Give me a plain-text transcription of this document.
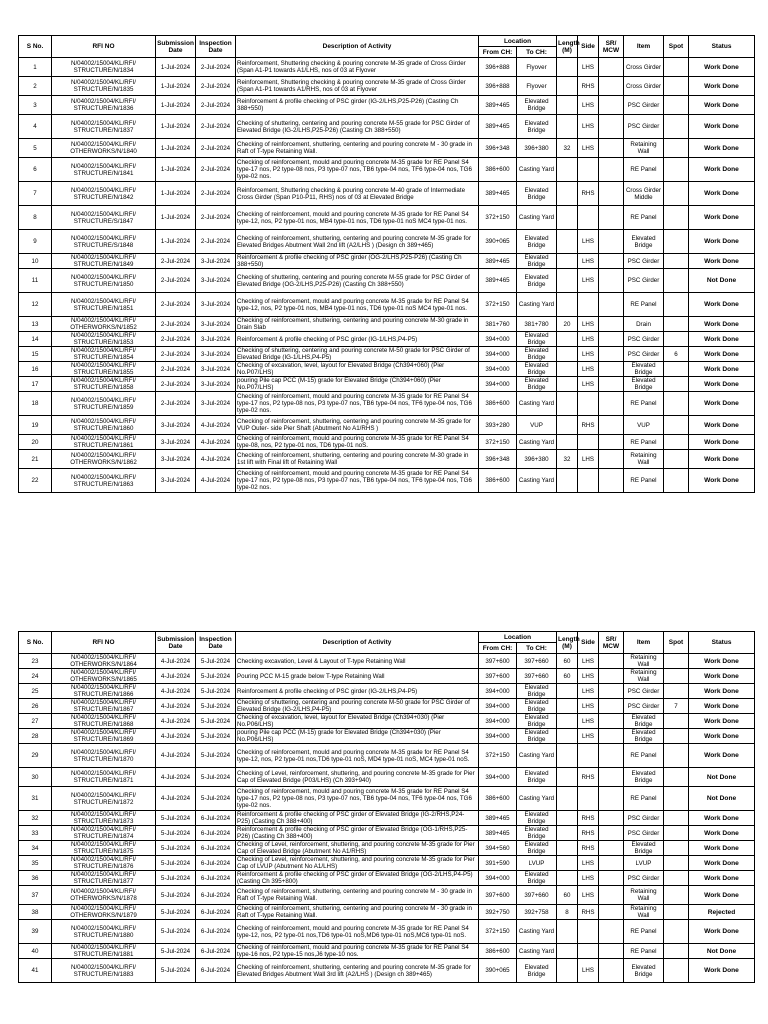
S No.	RFI NO	Submission Date	Inspection Date	Description of Activity	Location		Length (M)	Side	SR/ MCW	Item	Spot	Status
					From CH:	To CH:						
1	N/04002/15004/KL/RFI/ STRUCTURE/N/1834	1-Jul-2024	2-Jul-2024	Reinforcement, Shuttering checking & pouring concrete M-35 grade of Cross Girder (Span A1-P1 towards A1/LHS, nos of 03 at Flyover	396+888	Flyover		LHS		Cross Girder		Work Done
2	N/04002/15004/KL/RFI/ STRUCTURE/N/1835	1-Jul-2024	2-Jul-2024	Reinforcement, Shuttering checking & pouring concrete M-35 grade of Cross Girder (Span A1-P1 towards A1/RHS, nos of 03 at Flyover	396+888	Flyover		RHS		Cross Girder		Work Done
3	N/04002/15004/KL/RFI/ STRUCTURE/N/1836	1-Jul-2024	2-Jul-2024	Reinforcement & profile checking of PSC girder (IG-2/LHS,P25-P26) (Casting Ch 388+550)	389+465	Elevated Bridge		LHS		PSC Girder		Work Done
4	N/04002/15004/KL/RFI/ STRUCTURE/N/1837	1-Jul-2024	2-Jul-2024	Checking of shuttering, centering and pouring concrete M-55 grade for PSC Girder of Elevated Bridge (IG-2/LHS,P25-P26) (Casting Ch 388+550)	389+465	Elevated Bridge		LHS		PSC Girder		Work Done
5	N/04002/15004/KL/RFI/ OTHERWORKS/N/1840	1-Jul-2024	2-Jul-2024	Checking of reinforcement, shuttering, centering and pouring concrete M - 30 grade in Raft of T-type Retaining Wall.	396+348	396+380	32	LHS		Retaining Wall		Work Done
6	N/04002/15004/KL/RFI/ STRUCTURE/N/1841	1-Jul-2024	2-Jul-2024	Checking of reinforcement, mould and pouring concrete M-35 grade for RE Panel S4 type-17 nos, P2 type-08 nos, P3 type-07 nos, TB6 type-04 nos, TF6 type-04 nos, TG6 type-02 nos.	386+600	Casting Yard				RE Panel		Work Done
7	N/04002/15004/KL/RFI/ STRUCTURE/N/1842	1-Jul-2024	2-Jul-2024	Reinforcement, Shuttering checking & pouring concrete M-40 grade of Intermediate Cross Girder (Span P10-P11, RHS) nos of 03 at Elevated Bridge	389+465	Elevated Bridge		RHS		Cross Girder Middle		Work Done
8	N/04002/15004/KL/RFI/ STRUCTURE/S/1847	1-Jul-2024	2-Jul-2024	Checking of reinforcement, mould and pouring concrete M-35 grade for RE Panel S4 type-12, nos, P2 type-01 nos, MB4 type-01 nos, TD6 type-01 noS MC4 type-01 nos.	372+150	Casting Yard				RE Panel		Work Done
9	N/04002/15004/KL/RFI/ STRUCTURE/S/1848	1-Jul-2024	2-Jul-2024	Checking of reinforcement, shuttering, centering and pouring concrete M-35 grade for Elevated Bridges Abutment Wall 2nd lift (A2/LHS ) (Design ch 389+465)	390+065	Elevated Bridge		LHS		Elevated Bridge		Work Done
10	N/04002/15004/KL/RFI/ STRUCTURE/N/1849	2-Jul-2024	3-Jul-2024	Reinforcement & profile checking of PSC girder (OG-2/LHS,P25-P26) (Casting Ch 388+550)	389+465	Elevated Bridge		LHS		PSC Girder		Work Done
11	N/04002/15004/KL/RFI/ STRUCTURE/N/1850	2-Jul-2024	3-Jul-2024	Checking of shuttering, centering and pouring concrete M-55 grade for PSC Girder of Elevated Bridge (OG-2/LHS,P25-P26) (Casting Ch 388+550)	389+465	Elevated Bridge		LHS		PSC Girder		Not Done
12	N/04002/15004/KL/RFI/ STRUCTURE/N/1851	2-Jul-2024	3-Jul-2024	Checking of reinforcement, mould and pouring concrete M-35 grade for RE Panel S4 type-12, nos, P2 type-01 nos, MB4 type-01 nos, TD6 type-01 noS MC4 type-01 nos.	372+150	Casting Yard				RE Panel		Work Done
13	N/04002/15004/KL/RFI/ OTHERWORKS/N/1852	2-Jul-2024	3-Jul-2024	Checking of reinforcement, shuttering, centering and pouring concrete M-30 grade in Drain Slab	381+760	381+780	20	LHS		Drain		Work Done
14	N/04002/15004/KL/RFI/ STRUCTURE/N/1853	2-Jul-2024	3-Jul-2024	Reinforcement & profile checking of PSC girder (IG-1/LHS,P4-P5)	394+000	Elevated Bridge		LHS		PSC Girder		Work Done
15	N/04002/15004/KL/RFI/ STRUCTURE/N/1854	2-Jul-2024	3-Jul-2024	Checking of shuttering, centering and pouring concrete M-50 grade for PSC Girder of Elevated Bridge (IG-1/LHS,P4-P5)	394+000	Elevated Bridge		LHS		PSC Girder	6	Work Done
16	N/04002/15004/KL/RFI/ STRUCTURE/N/1855	2-Jul-2024	3-Jul-2024	Checking of excavation, level, layout for Elevated Bridge (Ch394+060) (Pier No.P07/LHS)	394+000	Elevated Bridge		LHS		Elevated Bridge		Work Done
17	N/04002/15004/KL/RFI/ STRUCTURE/N/1858	2-Jul-2024	3-Jul-2024	pouring Pile cap PCC (M-15) grade for Elevated Bridge (Ch394+060) (Pier No.P07/LHS)	394+000	Elevated Bridge		LHS		Elevated Bridge		Work Done
18	N/04002/15004/KL/RFI/ STRUCTURE/N/1859	2-Jul-2024	3-Jul-2024	Checking of reinforcement, mould and pouring concrete M-35 grade for RE Panel S4 type-17 nos, P2 type-08 nos, P3 type-07 nos, TB6 type-04 nos, TF6 type-04 nos, TG6 type-02 nos.	386+600	Casting Yard				RE Panel		Work Done
19	N/04002/15004/KL/RFI/ STRUCTURE/N/1860	3-Jul-2024	4-Jul-2024	Checking of reinforcement, shuttering, centering and pouring concrete M-35 grade for VUP Outer- side Pier Shaft (Abutment No A1/RHS )	393+280	VUP		RHS		VUP		Work Done
20	N/04002/15004/KL/RFI/ STRUCTURE/N/1861	3-Jul-2024	4-Jul-2024	Checking of reinforcement, mould and pouring concrete M-35 grade for RE Panel S4 type-08, nos, P2 type-01 nos, TD6 type-01 noS.	372+150	Casting Yard				RE Panel		Work Done
21	N/04002/15004/KL/RFI/ OTHERWORKS/N/1862	3-Jul-2024	4-Jul-2024	Checking of reinforcement, shuttering, centering and pouring concrete M-30 grade in 1st lift with Final lift of Retaining Wall	396+348	396+380	32	LHS		Retaining Wall		Work Done
22	N/04002/15004/KL/RFI/ STRUCTURE/N/1863	3-Jul-2024	4-Jul-2024	Checking of reinforcement, mould and pouring concrete M-35 grade for RE Panel S4 type-17 nos, P2 type-08 nos, P3 type-07 nos, TB6 type-04 nos, TF6 type-04 nos, TG6 type-02 nos.	386+600	Casting Yard				RE Panel		Work Done
S No.	RFI NO	Submission Date	Inspection Date	Description of Activity	Location		Length (M)	Side	SR/ MCW	Item	Spot	Status
					From CH:	To CH:						
23	N/04002/15004/KL/RFI/ OTHERWORKS/N/1864	4-Jul-2024	5-Jul-2024	Checking excavation, Level & Layout of T-type Retaining Wall	397+600	397+660	60	LHS		Retaining Wall		Work Done
24	N/04002/15004/KL/RFI/ OTHERWORKS/N/1865	4-Jul-2024	5-Jul-2024	Pouring PCC M-15 grade below T-type Retaining Wall	397+600	397+660	60	LHS		Retaining Wall		Work Done
25	N/04002/15004/KL/RFI/ STRUCTURE/N/1866	4-Jul-2024	5-Jul-2024	Reinforcement & profile checking of PSC girder (IG-2/LHS,P4-P5)	394+000	Elevated Bridge		LHS		PSC Girder		Work Done
26	N/04002/15004/KL/RFI/ STRUCTURE/N/1867	4-Jul-2024	5-Jul-2024	Checking of shuttering, centering and pouring concrete M-50 grade for PSC Girder of Elevated Bridge (IG-2/LHS,P4-P5)	394+000	Elevated Bridge		LHS		PSC Girder	7	Work Done
27	N/04002/15004/KL/RFI/ STRUCTURE/N/1868	4-Jul-2024	5-Jul-2024	Checking of excavation, level, layout for Elevated Bridge (Ch394+030) (Pier No.P06/LHS)	394+000	Elevated Bridge		LHS		Elevated Bridge		Work Done
28	N/04002/15004/KL/RFI/ STRUCTURE/N/1869	4-Jul-2024	5-Jul-2024	pouring Pile cap PCC (M-15) grade for Elevated Bridge (Ch394+030) (Pier No.P06/LHS)	394+000	Elevated Bridge		LHS		Elevated Bridge		Work Done
29	N/04002/15004/KL/RFI/ STRUCTURE/N/1870	4-Jul-2024	5-Jul-2024	Checking of reinforcement, mould and pouring concrete M-35 grade for RE Panel S4 type-12, nos, P2 type-01 nos,TD6 type-01 noS, MD4 type-01 noS, MC4 type-01 noS.	372+150	Casting Yard				RE Panel		Work Done
30	N/04002/15004/KL/RFI/ STRUCTURE/N/1871	4-Jul-2024	5-Jul-2024	Checking of Level, reinforcement, shuttering, and pouring concrete M-35 grade for Pier Cap of Elevated Bridge (P03/LHS) (Ch 393+940)	394+000	Elevated Bridge		RHS		Elevated Bridge		Not Done
31	N/04002/15004/KL/RFI/ STRUCTURE/N/1872	4-Jul-2024	5-Jul-2024	Checking of reinforcement, mould and pouring concrete M-35 grade for RE Panel S4 type-17 nos, P2 type-08 nos, P3 type-07 nos, TB6 type-04 nos, TF6 type-04 nos, TG6 type-02 nos.	386+600	Casting Yard				RE Panel		Not Done
32	N/04002/15004/KL/RFI/ STRUCTURE/N/1873	5-Jul-2024	6-Jul-2024	Reinforcement & profile checking of PSC girder of Elevated Bridge (IG-2/RHS,P24-P25) (Casting Ch 388+400)	389+465	Elevated Bridge		RHS		PSC Girder		Work Done
33	N/04002/15004/KL/RFI/ STRUCTURE/N/1874	5-Jul-2024	6-Jul-2024	Reinforcement & profile checking of PSC girder of Elevated Bridge (OG-1/RHS,P25-P26) (Casting Ch 388+400)	389+465	Elevated Bridge		RHS		PSC Girder		Work Done
34	N/04002/15004/KL/RFI/ STRUCTURE/N/1875	5-Jul-2024	6-Jul-2024	Checking of Level, reinforcement, shuttering, and pouring concrete M-35 grade for Pier Cap of Elevated Bridge (Abutment No A1/RHS)	394+560	Elevated Bridge		RHS		Elevated Bridge		Work Done
35	N/04002/15004/KL/RFI/ STRUCTURE/N/1876	5-Jul-2024	6-Jul-2024	Checking of Level, reinforcement, shuttering, and pouring concrete M-35 grade for Pier Cap of LVUP (Abutment No A1/LHS)	391+590	LVUP		LHS		LVUP		Work Done
36	N/04002/15004/KL/RFI/ STRUCTURE/N/1877	5-Jul-2024	6-Jul-2024	Reinforcement & profile checking of PSC girder of Elevated Bridge (OG-2/LHS,P4-P5) (Casting Ch 395+800)	394+000	Elevated Bridge		LHS		PSC Girder		Work Done
37	N/04002/15004/KL/RFI/ OTHERWORKS/N/1878	5-Jul-2024	6-Jul-2024	Checking of reinforcement, shuttering, centering and pouring concrete M - 30 grade in Raft of T-type Retaining Wall.	397+600	397+660	60	LHS		Retaining Wall		Work Done
38	N/04002/15004/KL/RFI/ OTHERWORKS/N/1879	5-Jul-2024	6-Jul-2024	Checking of reinforcement, shuttering, centering and pouring concrete M - 30 grade in Raft of T-type Retaining Wall.	392+750	392+758	8	RHS		Retaining Wall		Rejected
39	N/04002/15004/KL/RFI/ STRUCTURE/N/1880	5-Jul-2024	6-Jul-2024	Checking of reinforcement, mould and pouring concrete M-35 grade for RE Panel S4 type-12, nos, P2 type-01 nos,TD6 type-01 noS,MD6 type-01 noS,MC6 type-01 noS.	372+150	Casting Yard				RE Panel		Work Done
40	N/04002/15004/KL/RFI/ STRUCTURE/N/1881	5-Jul-2024	6-Jul-2024	Checking of reinforcement, mould and pouring concrete M-35 grade for RE Panel S4 type-16 nos, P2 type-15 nos,J6 type-10 nos.	386+600	Casting Yard				RE Panel		Not Done
41	N/04002/15004/KL/RFI/ STRUCTURE/N/1883	5-Jul-2024	6-Jul-2024	Checking of reinforcement, shuttering, centering and pouring concrete M-35 grade for Elevated Bridges Abutment Wall 3rd lift (A2/LHS ) (Design ch 389+465)	390+065	Elevated Bridge		LHS		Elevated Bridge		Work Done
